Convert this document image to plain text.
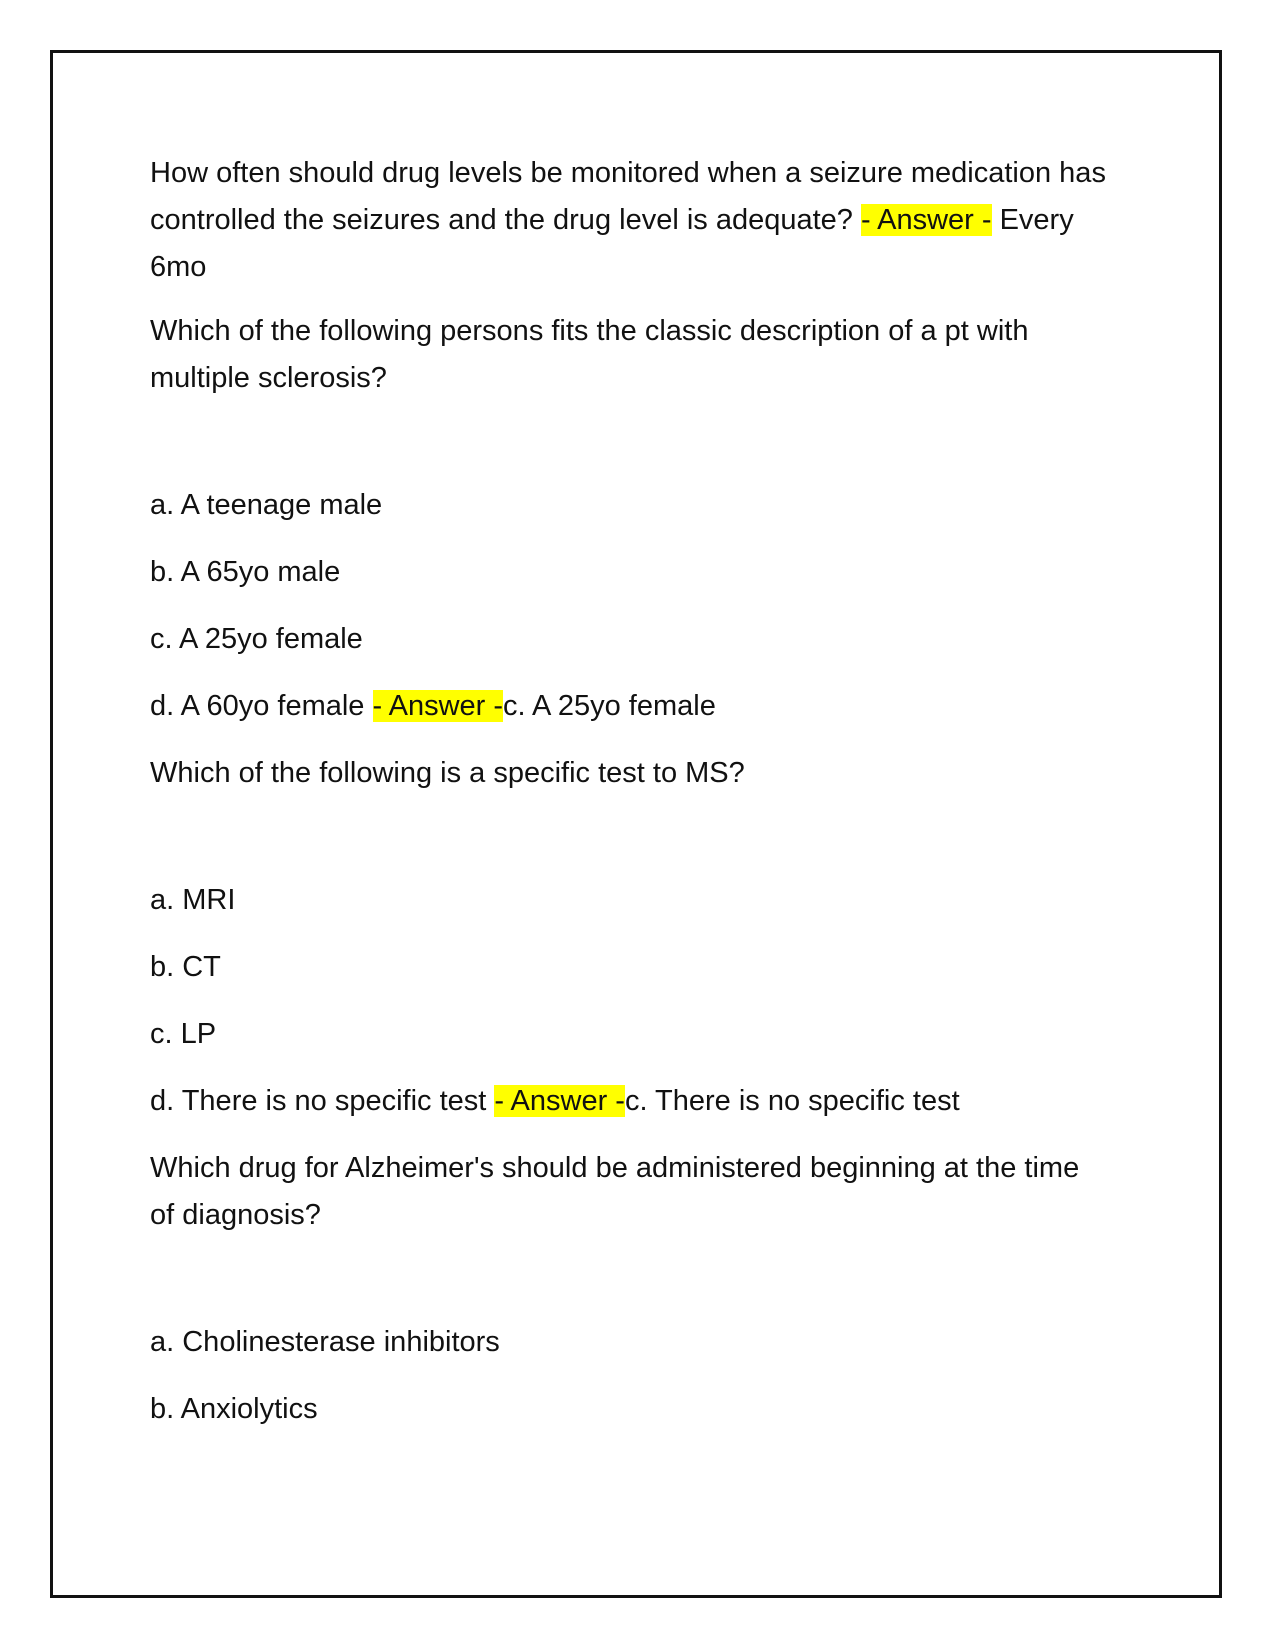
How often should drug levels be monitored when a seizure medication has controlled the seizures and the drug level is adequate? - Answer - Every 6mo

Which of the following persons fits the classic description of a pt with multiple sclerosis?

a. A teenage male

b. A 65yo male

c. A 25yo female

d. A 60yo female - Answer -c. A 25yo female

Which of the following is a specific test to MS?

a. MRI

b. CT

c. LP

d. There is no specific test - Answer -c. There is no specific test

Which drug for Alzheimer's should be administered beginning at the time of diagnosis?

a. Cholinesterase inhibitors

b. Anxiolytics
